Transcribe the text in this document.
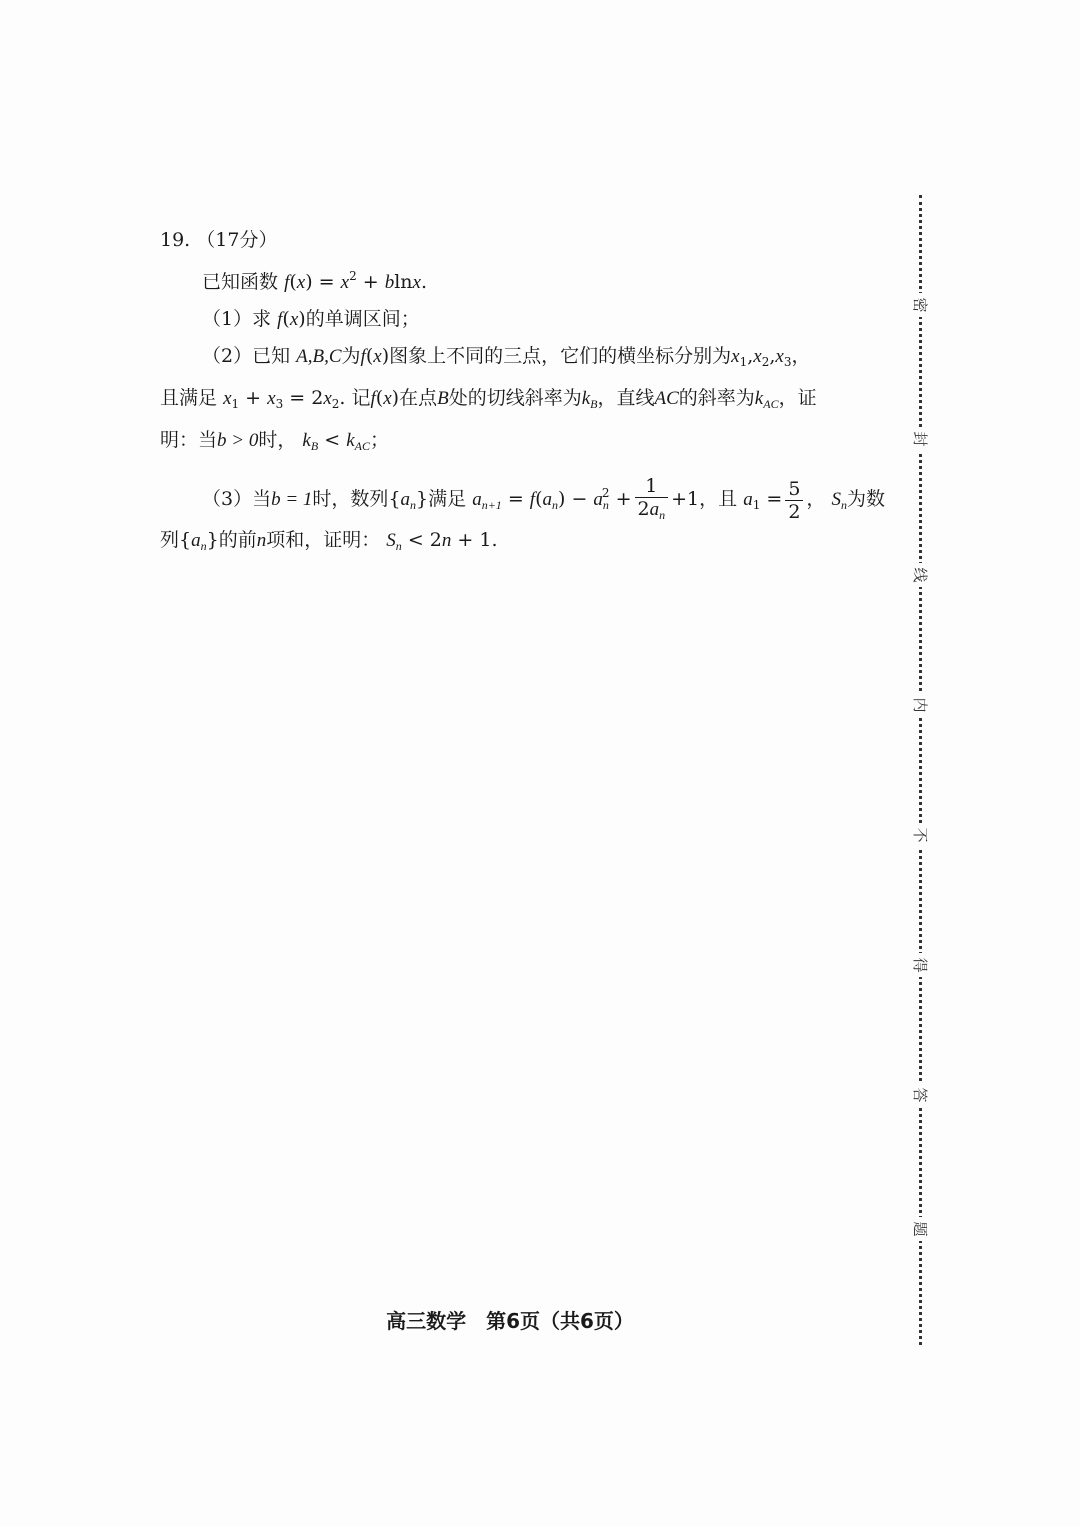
19. （17分）
已知函数 $f(x) = x^2 + blnx$.
（1）求 f(x)的单调区间；
（2）已知 A,B,C为f(x)图象上不同的三点，它们的横坐标分别为$x_1,x_2,x_3$，
且满足 $x_1 + x_3 = 2x_2$. 记f(x)在点B处的切线斜率为$k_B$，直线AC的斜率为$k_{AC}$，证
明：当b > 0时， $k_B < k_{AC}$；
（3）当b = 1时，数列$\{a_n\}$满足 $a_{n+1} = f(a_n) - a_n^2 + \frac{1}{2a_n} +1$，且 $a_1 = \frac{5}{2}$ ， $S_n$为数
列$\{a_n\}$的前n项和，证明： $S_n < 2n + 1$.
高三数学　第6页（共6页）
密
封
线
内
不
得
答
题
